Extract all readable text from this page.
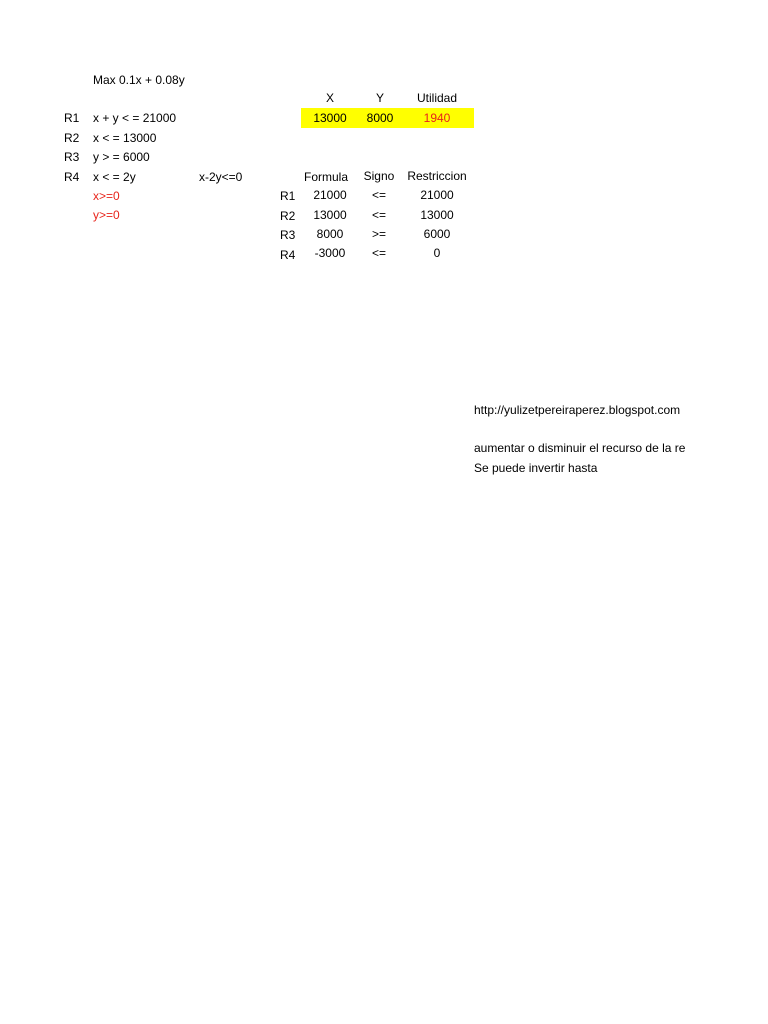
Max 0.1x + 0.08y
R1 x + y < = 21000
R2 x < = 13000
R3 y > = 6000
R4 x < = 2y	x-2y<=0
x>=0
y>=0
X	Y	Utilidad
13000	8000	1940
Formula	Signo	Restriccion
R1	21000	<=	21000
R2	13000	<=	13000
R3	8000	>=	6000
R4	-3000	<=	0
http://yulizetpereiraperez.blogspot.com
aumentar o disminuir el recurso de la re
Se puede invertir hasta
